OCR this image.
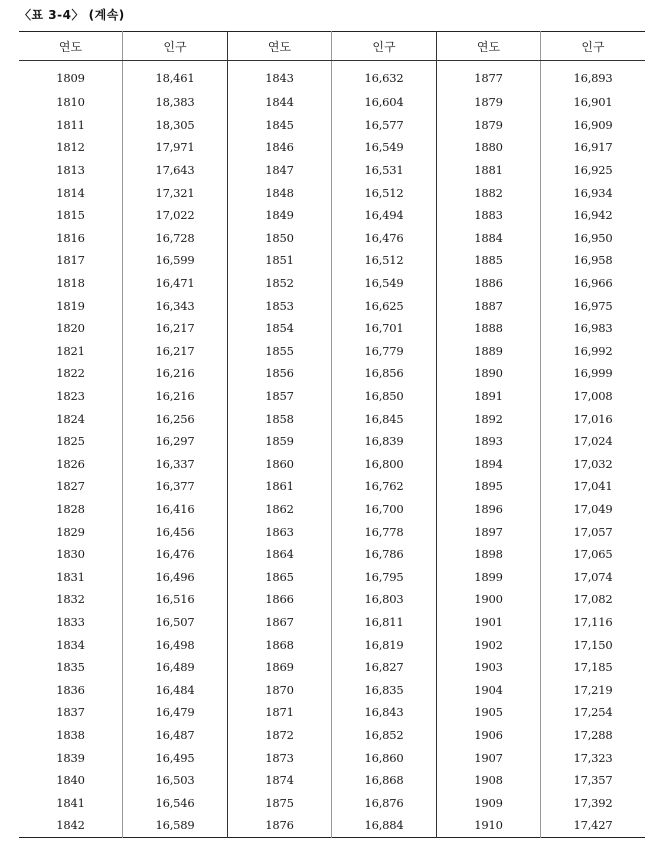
〈표 3-4〉 (계속)
연도	인구	연도	인구	연도	인구
1809	18,461	1843	16,632	1877	16,893
1810	18,383	1844	16,604	1879	16,901
1811	18,305	1845	16,577	1879	16,909
1812	17,971	1846	16,549	1880	16,917
1813	17,643	1847	16,531	1881	16,925
1814	17,321	1848	16,512	1882	16,934
1815	17,022	1849	16,494	1883	16,942
1816	16,728	1850	16,476	1884	16,950
1817	16,599	1851	16,512	1885	16,958
1818	16,471	1852	16,549	1886	16,966
1819	16,343	1853	16,625	1887	16,975
1820	16,217	1854	16,701	1888	16,983
1821	16,217	1855	16,779	1889	16,992
1822	16,216	1856	16,856	1890	16,999
1823	16,216	1857	16,850	1891	17,008
1824	16,256	1858	16,845	1892	17,016
1825	16,297	1859	16,839	1893	17,024
1826	16,337	1860	16,800	1894	17,032
1827	16,377	1861	16,762	1895	17,041
1828	16,416	1862	16,700	1896	17,049
1829	16,456	1863	16,778	1897	17,057
1830	16,476	1864	16,786	1898	17,065
1831	16,496	1865	16,795	1899	17,074
1832	16,516	1866	16,803	1900	17,082
1833	16,507	1867	16,811	1901	17,116
1834	16,498	1868	16,819	1902	17,150
1835	16,489	1869	16,827	1903	17,185
1836	16,484	1870	16,835	1904	17,219
1837	16,479	1871	16,843	1905	17,254
1838	16,487	1872	16,852	1906	17,288
1839	16,495	1873	16,860	1907	17,323
1840	16,503	1874	16,868	1908	17,357
1841	16,546	1875	16,876	1909	17,392
1842	16,589	1876	16,884	1910	17,427
